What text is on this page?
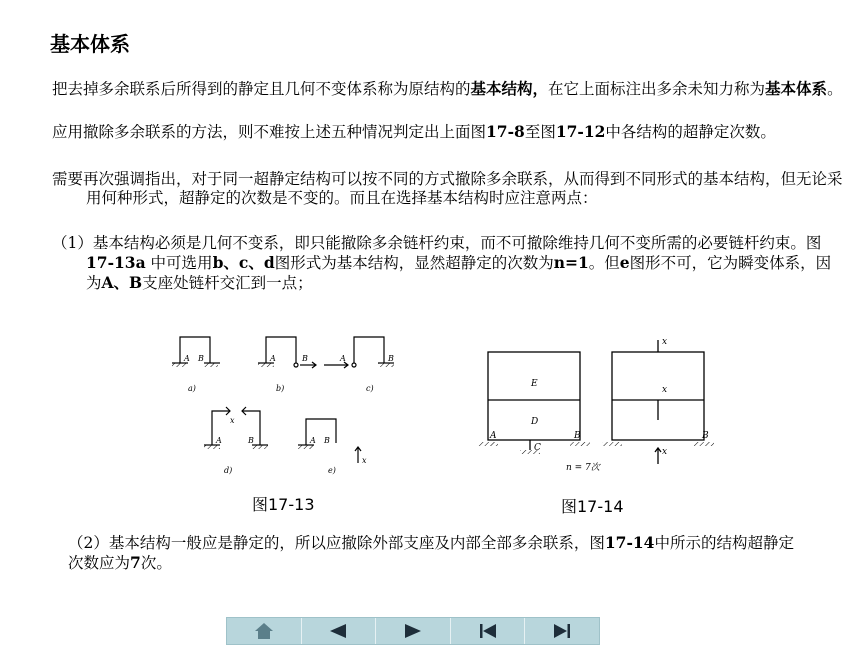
基本体系
把去掉多余联系后所得到的静定且几何不变体系称为原结构的基本结构，在它上面标注出多余未知力称为基本体系。
应用撤除多余联系的方法，则不难按上述五种情况判定出上面图17-8至图17-12中各结构的超静定次数。
需要再次强调指出，对于同一超静定结构可以按不同的方式撤除多余联系，从而得到不同形式的基本结构，但无论采用何种形式，超静定的次数是不变的。而且在选择基本结构时应注意两点：
（1）基本结构必须是几何不变系，即只能撤除多余链杆约束，而不可撤除维持几何不变所需的必要链杆约束。图17-13a 中可选用b、c、d图形式为基本结构，显然超静定的次数为n=1。但e图形不可，它为瞬变体系，因为A、B支座处链杆交汇到一点；
A B	A	B	A	B
a)	b)	c)
A	B
x
d)
A B
x
e)
E
D
C
A	B	B
x
x
x
n = 7次
图17-13	图17-14
（2）基本结构一般应是静定的，所以应撤除外部支座及内部全部多余联系，图17-14中所示的结构超静定次数应为7次。
